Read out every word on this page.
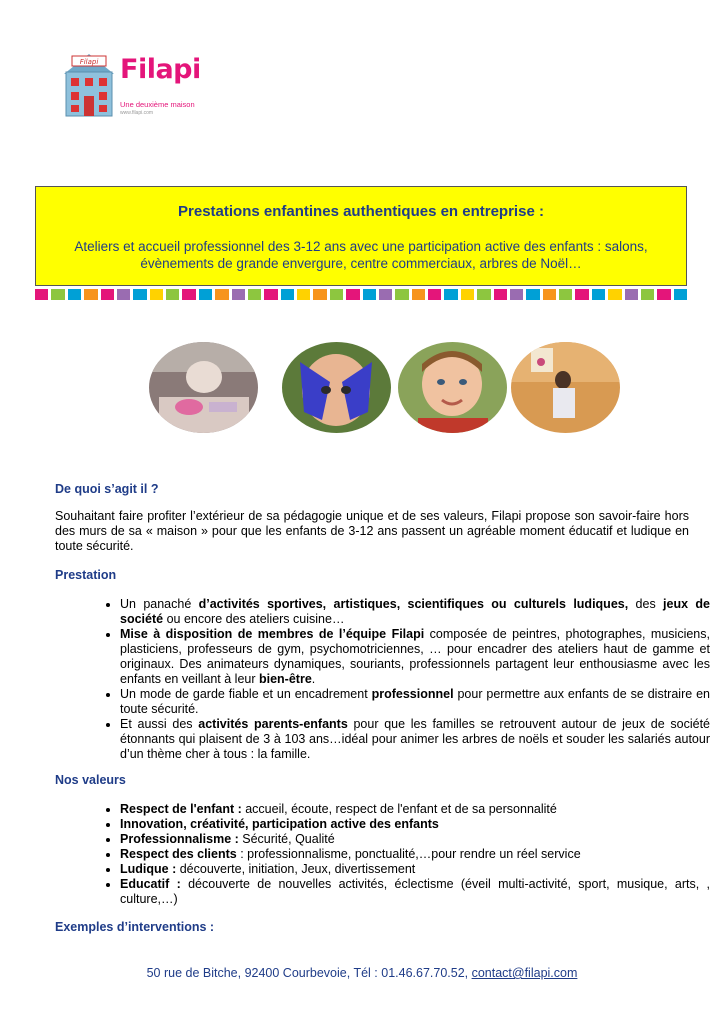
Filapi Filapi
Une deuxième maison
www.filapi.com
Prestations enfantines authentiques en entreprise :
Ateliers et accueil professionnel des 3-12 ans avec une participation active des enfants : salons, évènements de grande envergure, centre commerciaux, arbres de Noël…
De quoi s’agit il ?
Souhaitant faire profiter l’extérieur de sa pédagogie unique et de ses valeurs, Filapi propose son savoir-faire hors des murs de sa « maison » pour que les enfants de 3-12 ans passent un agréable moment éducatif et ludique en toute sécurité.
Prestation
• Un panaché d’activités sportives, artistiques, scientifiques ou culturels ludiques, des jeux de société ou encore des ateliers cuisine…
• Mise à disposition de membres de l’équipe Filapi composée de peintres, photographes, musiciens, plasticiens, professeurs de gym, psychomotriciennes, … pour encadrer des ateliers haut de gamme et originaux. Des animateurs dynamiques, souriants, professionnels partagent leur enthousiasme avec les enfants en veillant à leur bien-être.
• Un mode de garde fiable et un encadrement professionnel pour permettre aux enfants de se distraire en toute sécurité.
• Et aussi des activités parents-enfants pour que les familles se retrouvent autour de jeux de société étonnants qui plaisent de 3 à 103 ans…idéal pour animer les arbres de noëls et souder les salariés autour d’un thème cher à tous : la famille.
Nos valeurs
• Respect de l'enfant : accueil, écoute, respect de l'enfant et de sa personnalité
• Innovation, créativité, participation active des enfants
• Professionnalisme : Sécurité, Qualité
• Respect des clients : professionnalisme, ponctualité,…pour rendre un réel service
• Ludique : découverte, initiation, Jeux, divertissement
• Educatif : découverte de nouvelles activités, éclectisme (éveil multi-activité, sport, musique, arts, , culture,…)
Exemples d’interventions :
50 rue de Bitche, 92400 Courbevoie, Tél : 01.46.67.70.52, contact@filapi.com
